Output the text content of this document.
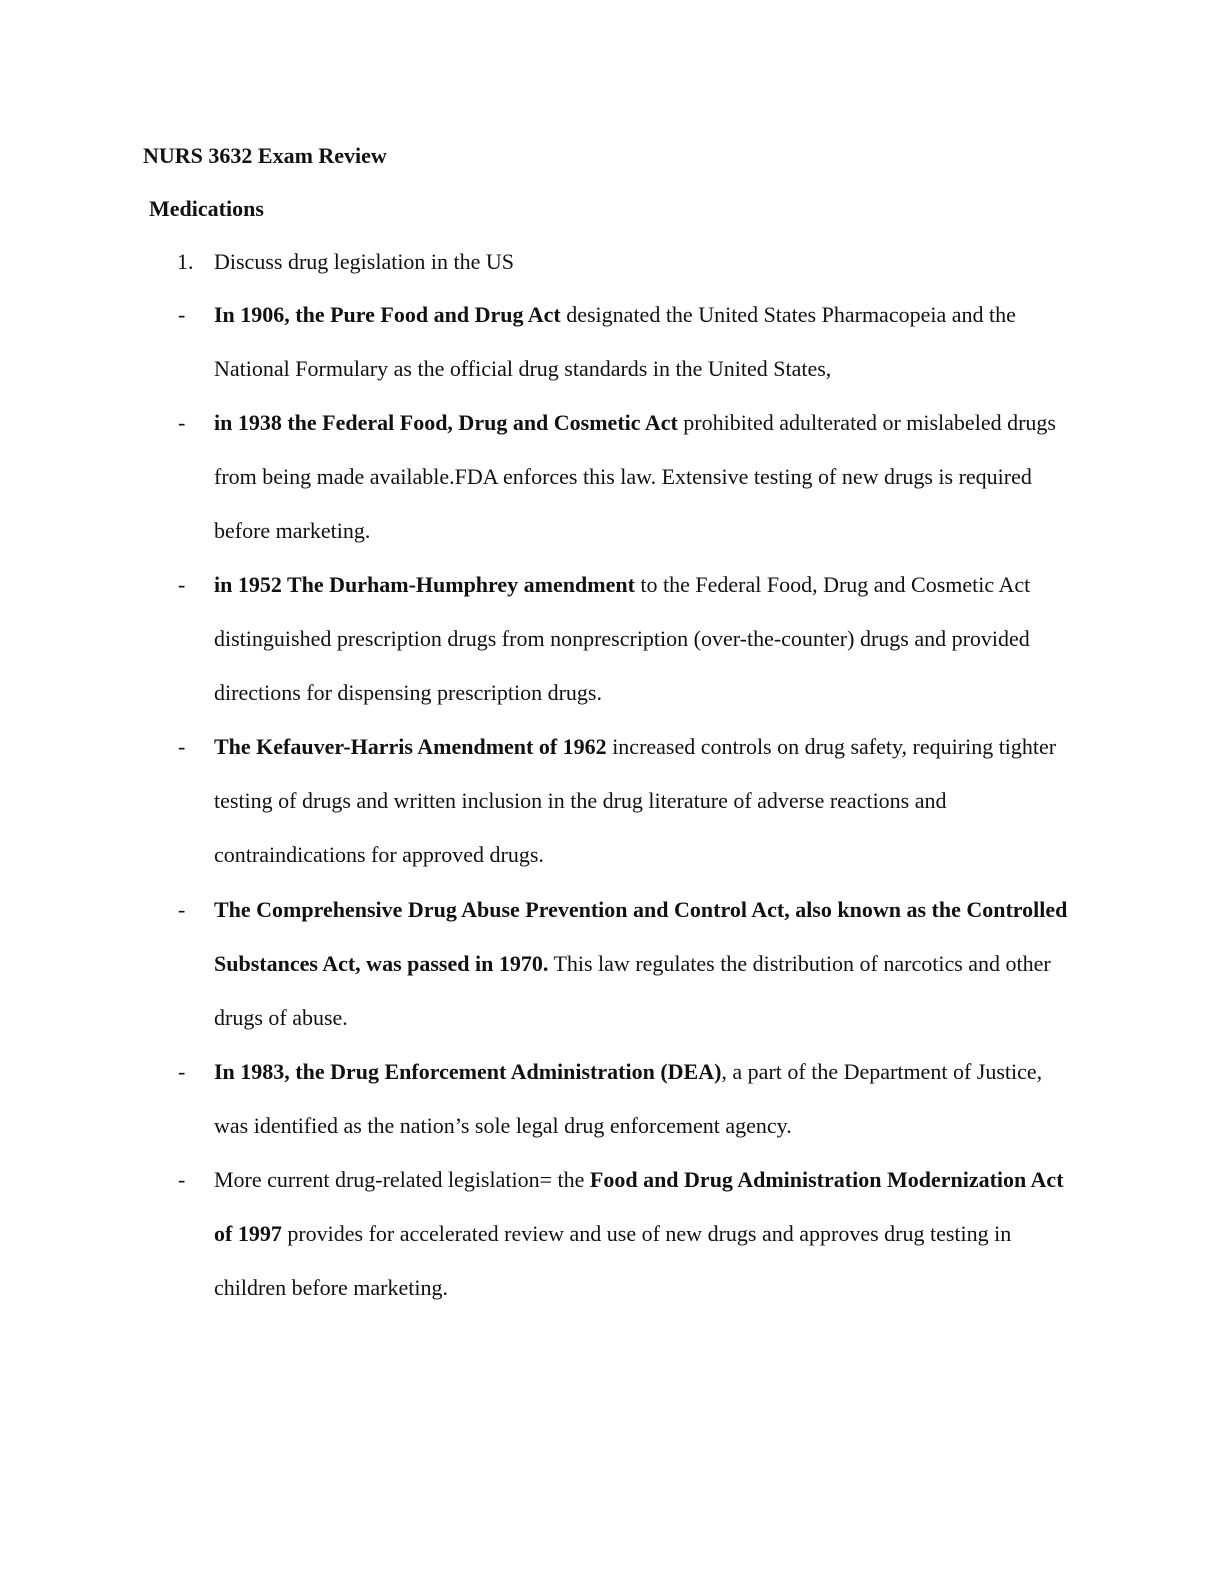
NURS 3632 Exam Review
Medications
1. Discuss drug legislation in the US
- In 1906, the Pure Food and Drug Act designated the United States Pharmacopeia and the National Formulary as the official drug standards in the United States,

- in 1938 the Federal Food, Drug and Cosmetic Act prohibited adulterated or mislabeled drugs from being made available.FDA enforces this law. Extensive testing of new drugs is required before marketing.

- in 1952 The Durham-Humphrey amendment to the Federal Food, Drug and Cosmetic Act distinguished prescription drugs from nonprescription (over-the-counter) drugs and provided directions for dispensing prescription drugs.

- The Kefauver-Harris Amendment of 1962 increased controls on drug safety, requiring tighter testing of drugs and written inclusion in the drug literature of adverse reactions and contraindications for approved drugs.

- The Comprehensive Drug Abuse Prevention and Control Act, also known as the Controlled Substances Act, was passed in 1970. This law regulates the distribution of narcotics and other drugs of abuse.

- In 1983, the Drug Enforcement Administration (DEA), a part of the Department of Justice, was identified as the nation’s sole legal drug enforcement agency.

- More current drug-related legislation= the Food and Drug Administration Modernization Act of 1997 provides for accelerated review and use of new drugs and approves drug testing in children before marketing.
